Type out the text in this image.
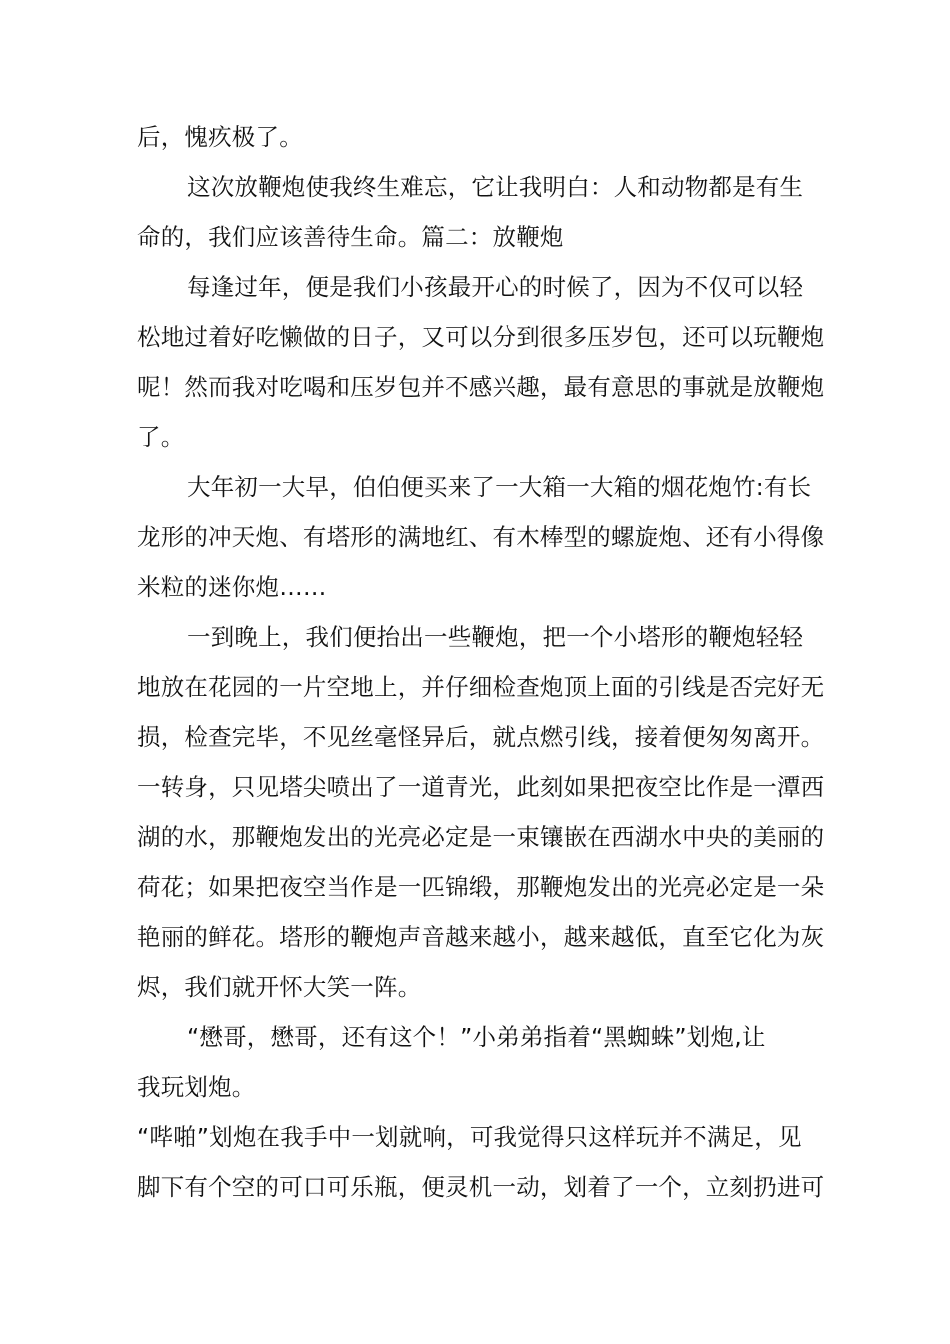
后，愧疚极了。
这次放鞭炮使我终生难忘，它让我明白：人和动物都是有生
命的，我们应该善待生命。篇二：放鞭炮
每逢过年，便是我们小孩最开心的时候了，因为不仅可以轻
松地过着好吃懒做的日子，又可以分到很多压岁包，还可以玩鞭炮
呢！然而我对吃喝和压岁包并不感兴趣，最有意思的事就是放鞭炮
了。
大年初一大早，伯伯便买来了一大箱一大箱的烟花炮竹:有长
龙形的冲天炮、有塔形的满地红、有木棒型的螺旋炮、还有小得像
米粒的迷你炮……
一到晚上，我们便抬出一些鞭炮，把一个小塔形的鞭炮轻轻
地放在花园的一片空地上，并仔细检查炮顶上面的引线是否完好无
损，检查完毕，不见丝毫怪异后，就点燃引线，接着便匆匆离开。
一转身，只见塔尖喷出了一道青光，此刻如果把夜空比作是一潭西
湖的水，那鞭炮发出的光亮必定是一束镶嵌在西湖水中央的美丽的
荷花；如果把夜空当作是一匹锦缎，那鞭炮发出的光亮必定是一朵
艳丽的鲜花。塔形的鞭炮声音越来越小，越来越低，直至它化为灰
烬，我们就开怀大笑一阵。
“懋哥，懋哥，还有这个！”小弟弟指着“黑蜘蛛”划炮,让
我玩划炮。
“哔啪”划炮在我手中一划就响，可我觉得只这样玩并不满足，见
脚下有个空的可口可乐瓶，便灵机一动，划着了一个，立刻扔进可
